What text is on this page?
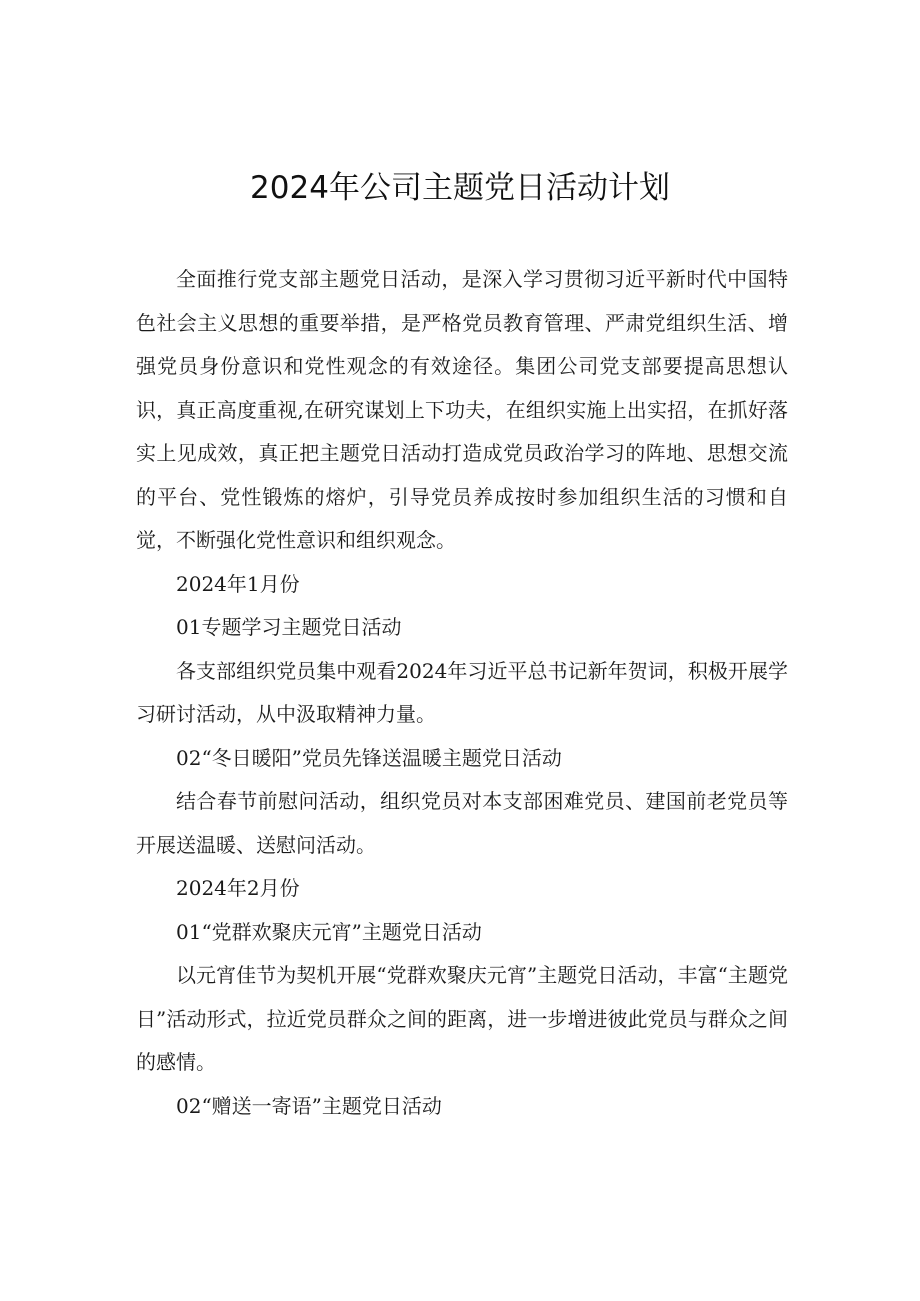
2024年公司主题党日活动计划

全面推行党支部主题党日活动，是深入学习贯彻习近平新时代中国特色社会主义思想的重要举措，是严格党员教育管理、严肃党组织生活、增强党员身份意识和党性观念的有效途径。集团公司党支部要提高思想认识，真正高度重视,在研究谋划上下功夫，在组织实施上出实招，在抓好落实上见成效，真正把主题党日活动打造成党员政治学习的阵地、思想交流的平台、党性锻炼的熔炉，引导党员养成按时参加组织生活的习惯和自觉，不断强化党性意识和组织观念。

2024年1月份

01专题学习主题党日活动

各支部组织党员集中观看2024年习近平总书记新年贺词，积极开展学习研讨活动，从中汲取精神力量。

02“冬日暖阳”党员先锋送温暖主题党日活动

结合春节前慰问活动，组织党员对本支部困难党员、建国前老党员等开展送温暖、送慰问活动。

2024年2月份

01“党群欢聚庆元宵”主题党日活动

以元宵佳节为契机开展“党群欢聚庆元宵”主题党日活动，丰富“主题党日”活动形式，拉近党员群众之间的距离，进一步增进彼此党员与群众之间的感情。

02“赠送一寄语”主题党日活动
